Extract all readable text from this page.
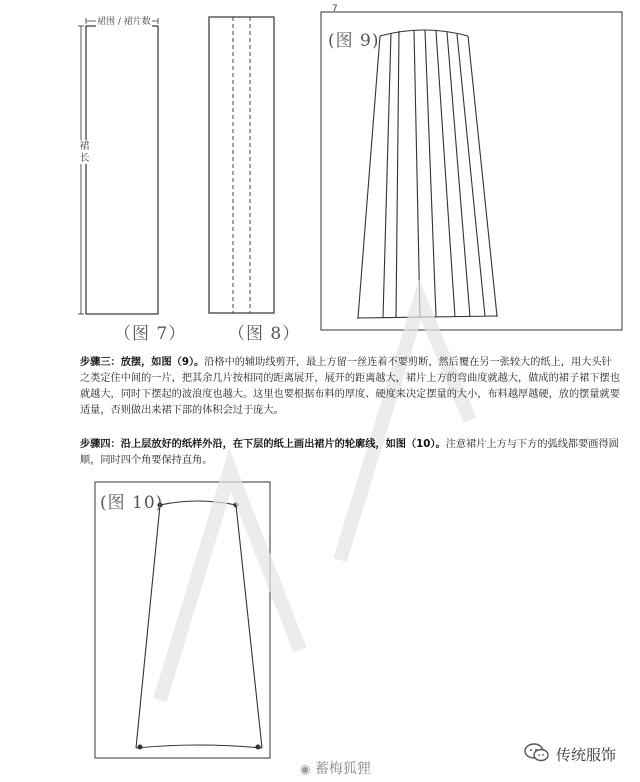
7
裙围 / 裙片数
裙长
（图 7） （图 8）
(图 9)
(图 10)
步骤三：放摆，如图（9）。沿格中的辅助线剪开，最上方留一丝连着不要剪断，然后覆在另一张较大的纸上，用大头针之类定住中间的一片，把其余几片按相同的距离展开，展开的距离越大，裙片上方的弯曲度就越大，做成的裙子裙下摆也就越大，同时下摆起的波浪度也越大。这里也要根据布料的厚度、硬度来决定摆量的大小，布料越厚越硬，放的摆量就要适量，否则做出来裙下部的体积会过于庞大。
步骤四：沿上层放好的纸样外沿，在下层的纸上画出裙片的轮廓线，如图（10）。注意裙片上方与下方的弧线都要画得圆顺，同时四个角要保持直角。
◉ 蓄梅狐狸
传统服饰
